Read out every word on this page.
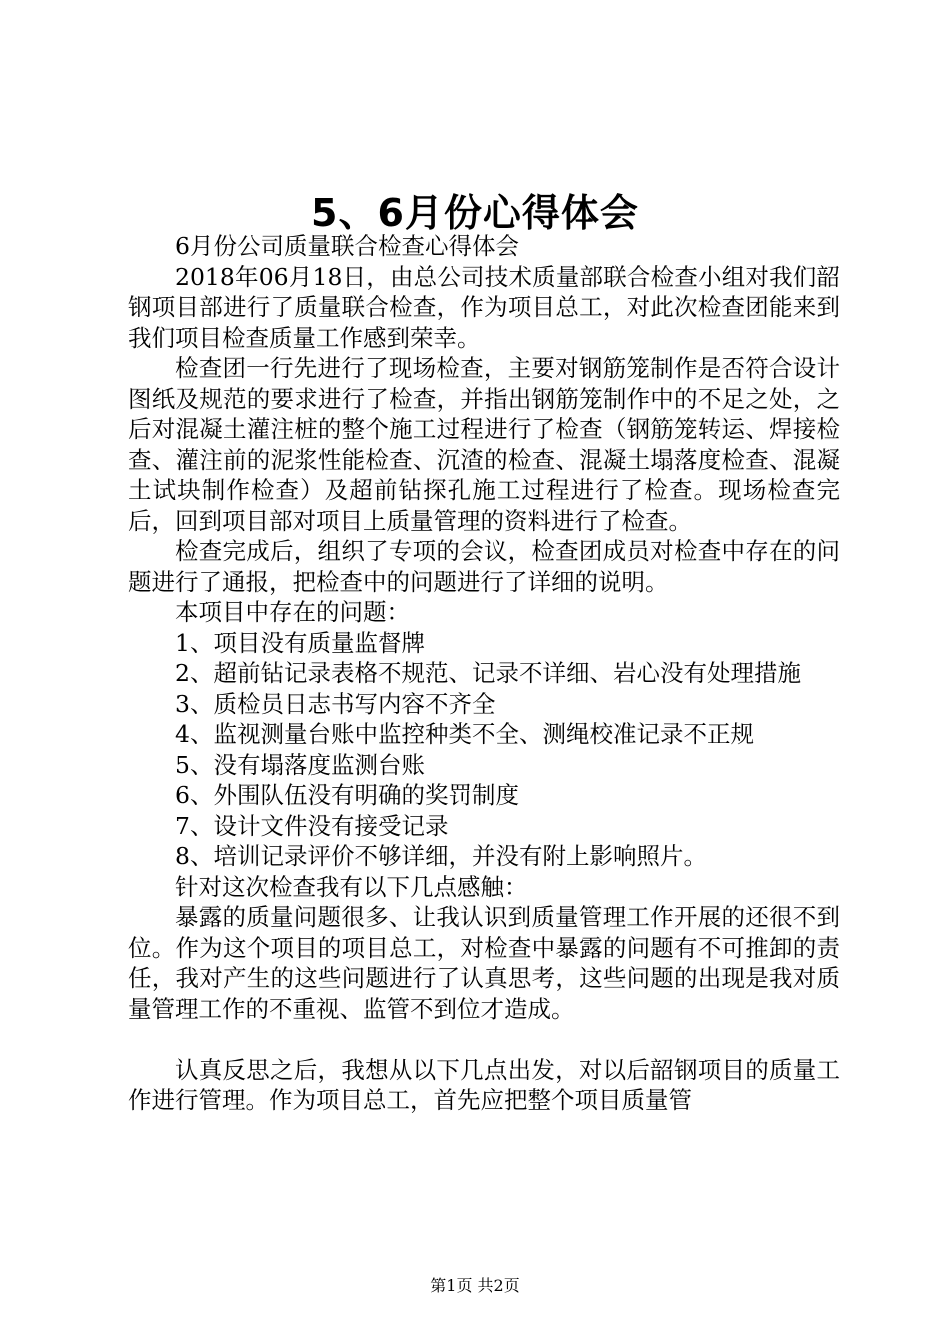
5、6月份心得体会

6月份公司质量联合检查心得体会

2018年06月18日，由总公司技术质量部联合检查小组对我们韶钢项目部进行了质量联合检查，作为项目总工，对此次检查团能来到我们项目检查质量工作感到荣幸。

检查团一行先进行了现场检查，主要对钢筋笼制作是否符合设计图纸及规范的要求进行了检查，并指出钢筋笼制作中的不足之处，之后对混凝土灌注桩的整个施工过程进行了检查（钢筋笼转运、焊接检查、灌注前的泥浆性能检查、沉渣的检查、混凝土塌落度检查、混凝土试块制作检查）及超前钻探孔施工过程进行了检查。现场检查完后，回到项目部对项目上质量管理的资料进行了检查。

检查完成后，组织了专项的会议，检查团成员对检查中存在的问题进行了通报，把检查中的问题进行了详细的说明。

本项目中存在的问题：

1、项目没有质量监督牌

2、超前钻记录表格不规范、记录不详细、岩心没有处理措施

3、质检员日志书写内容不齐全

4、监视测量台账中监控种类不全、测绳校准记录不正规

5、没有塌落度监测台账

6、外围队伍没有明确的奖罚制度

7、设计文件没有接受记录

8、培训记录评价不够详细，并没有附上影响照片。

针对这次检查我有以下几点感触：

暴露的质量问题很多、让我认识到质量管理工作开展的还很不到位。作为这个项目的项目总工，对检查中暴露的问题有不可推卸的责任，我对产生的这些问题进行了认真思考，这些问题的出现是我对质量管理工作的不重视、监管不到位才造成。

认真反思之后，我想从以下几点出发，对以后韶钢项目的质量工作进行管理。作为项目总工，首先应把整个项目质量管

第1页 共2页
